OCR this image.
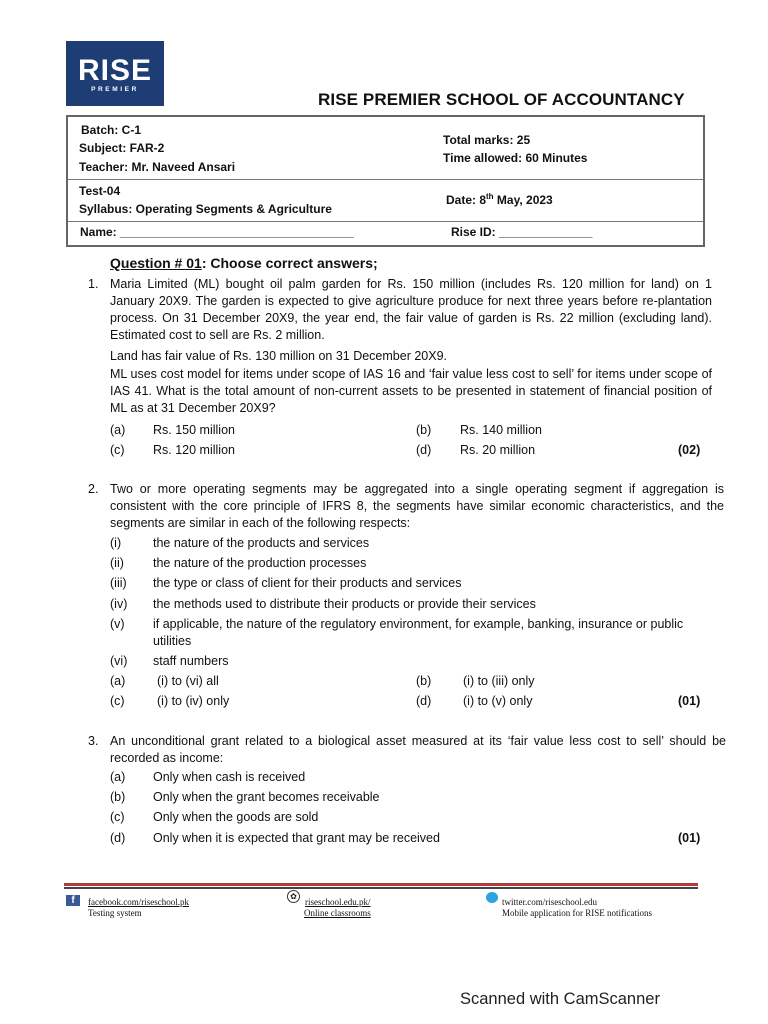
RISE
PREMIER
RISE PREMIER SCHOOL OF ACCOUNTANCY
Batch: C-1
Subject: FAR-2
Teacher: Mr. Naveed Ansari
Total marks: 25
Time allowed: 60 Minutes
Test-04
Syllabus: Operating Segments & Agriculture
Date: 8th May, 2023
Name: ___________________________________	Rise ID: ______________
Question # 01: Choose correct answers;
1. Maria Limited (ML) bought oil palm garden for Rs. 150 million (includes Rs. 120 million for land) on 1 January 20X9. The garden is expected to give agriculture produce for next three years before re-plantation process. On 31 December 20X9, the year end, the fair value of garden is Rs. 22 million (excluding land). Estimated cost to sell are Rs. 2 million.
Land has fair value of Rs. 130 million on 31 December 20X9.
ML uses cost model for items under scope of IAS 16 and ‘fair value less cost to sell’ for items under scope of IAS 41. What is the total amount of non-current assets to be presented in statement of financial position of ML as at 31 December 20X9?
(a) Rs. 150 million	(b) Rs. 140 million
(c) Rs. 120 million	(d) Rs. 20 million	(02)
2. Two or more operating segments may be aggregated into a single operating segment if aggregation is consistent with the core principle of IFRS 8, the segments have similar economic characteristics, and the segments are similar in each of the following respects:
(i)	the nature of the products and services
(ii) the nature of the production processes
(iii) the type or class of client for their products and services
(iv) the methods used to distribute their products or provide their services
(v) if applicable, the nature of the regulatory environment, for example, banking, insurance or public utilities
(vi) staff numbers
(a)	(i) to (vi) all	(b)	(i) to (iii) only
(c)	(i) to (iv) only	(d)	(i) to (v) only	(01)
3. An unconditional grant related to a biological asset measured at its ‘fair value less cost to sell’ should be recorded as income:
(a) Only when cash is received
(b) Only when the grant becomes receivable
(c) Only when the goods are sold
(d) Only when it is expected that grant may be received	(01)
f	facebook.com/riseschool.pk
Testing system
✿
riseschool.edu.pk/
Online classrooms
twitter.com/riseschool.edu
Mobile application for RISE notifications
Scanned with CamScanner
